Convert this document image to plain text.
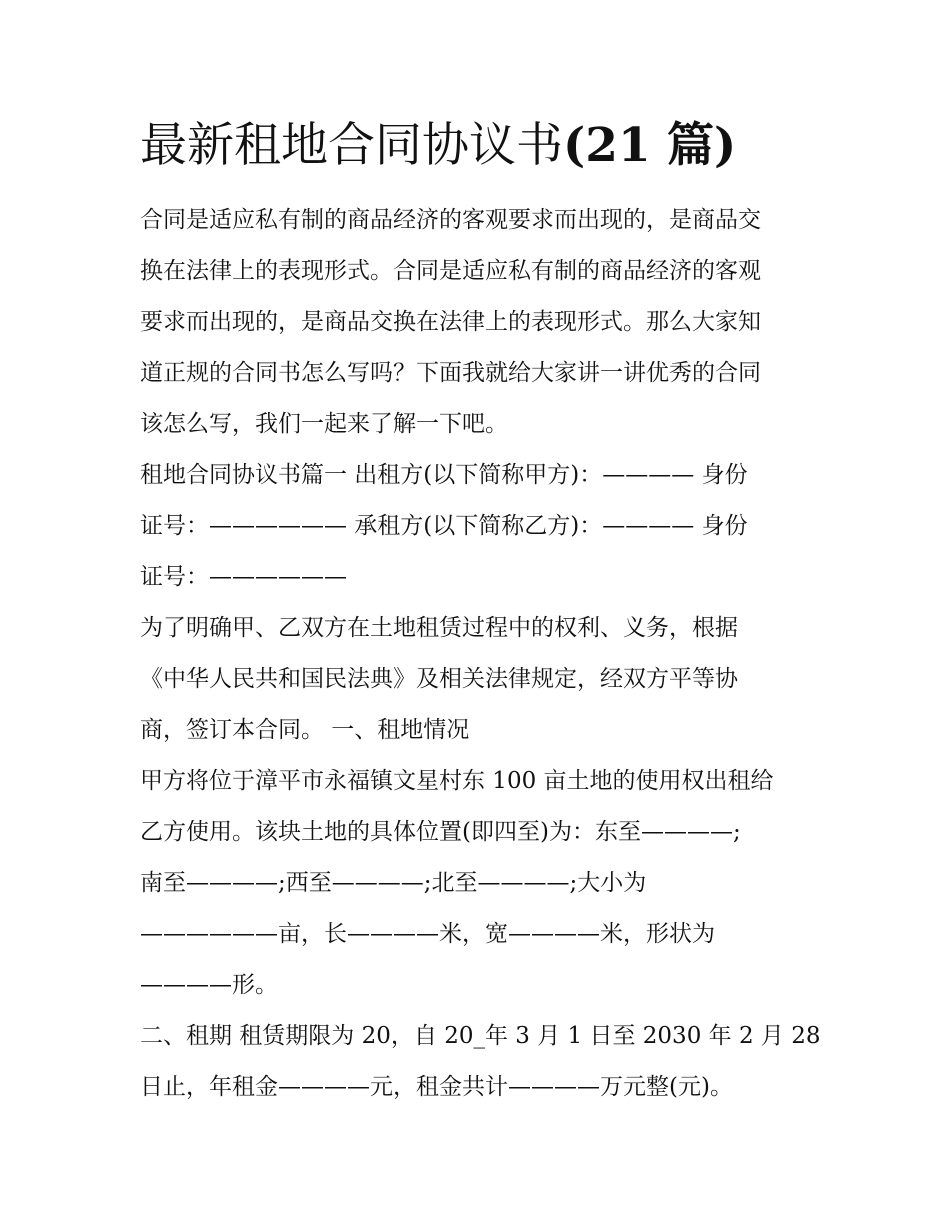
最新租地合同协议书(21 篇)
合同是适应私有制的商品经济的客观要求而出现的，是商品交
换在法律上的表现形式。合同是适应私有制的商品经济的客观
要求而出现的，是商品交换在法律上的表现形式。那么大家知
道正规的合同书怎么写吗？下面我就给大家讲一讲优秀的合同
该怎么写，我们一起来了解一下吧。
租地合同协议书篇一 出租方(以下简称甲方)：———— 身份
证号：—————— 承租方(以下简称乙方)：———— 身份
证号：——————
为了明确甲、乙双方在土地租赁过程中的权利、义务，根据
《中华人民共和国民法典》及相关法律规定，经双方平等协
商，签订本合同。 一、租地情况
甲方将位于漳平市永福镇文星村东 100 亩土地的使用权出租给
乙方使用。该块土地的具体位置(即四至)为：东至————;
南至————;西至————;北至————;大小为
——————亩，长————米，宽————米，形状为
————形。
二、租期 租赁期限为 20，自 20_年 3 月 1 日至 2030 年 2 月 28
日止，年租金————元，租金共计————万元整(元)。
